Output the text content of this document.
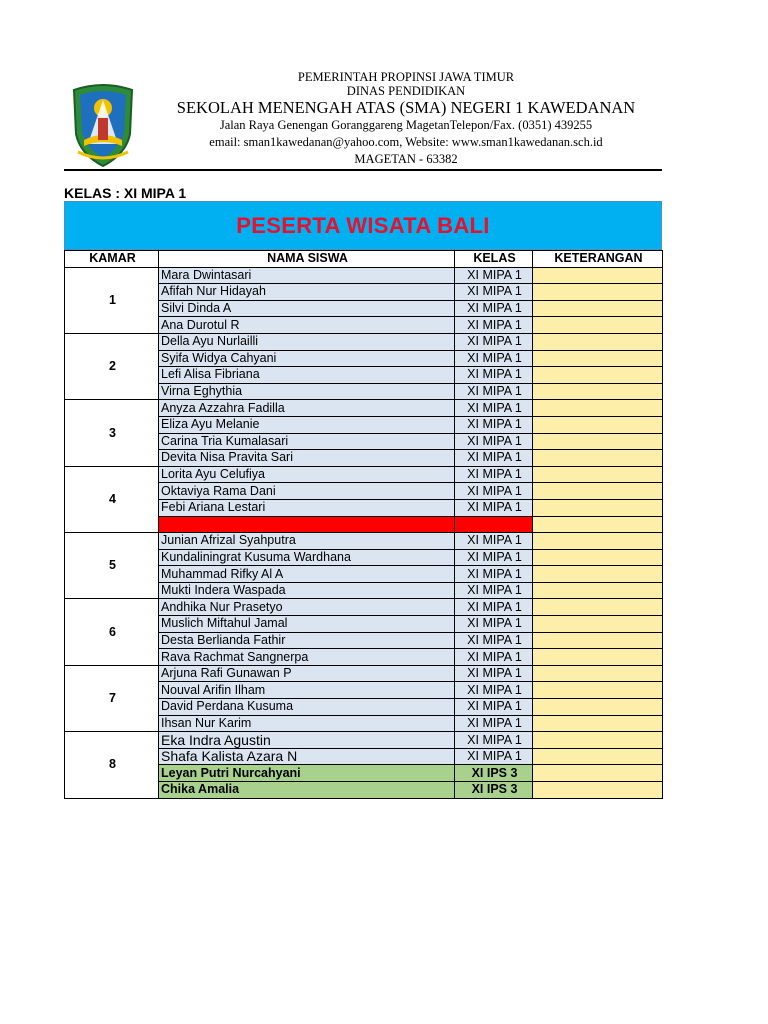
PEMERINTAH PROPINSI JAWA TIMUR
DINAS PENDIDIKAN
SEKOLAH MENENGAH ATAS (SMA) NEGERI 1 KAWEDANAN
Jalan Raya Genengan Goranggareng MagetanTelepon/Fax. (0351) 439255
email: sman1kawedanan@yahoo.com, Website: www.sman1kawedanan.sch.id
MAGETAN - 63382
KELAS : XI MIPA 1
PESERTA WISATA BALI
KAMAR	NAMA SISWA	KELAS	KETERANGAN
1	Mara Dwintasari	XI MIPA 1	
	Afifah Nur Hidayah	XI MIPA 1	
	Silvi Dinda A	XI MIPA 1	
	Ana Durotul R	XI MIPA 1	
2	Della Ayu Nurlailli	XI MIPA 1	
	Syifa Widya Cahyani	XI MIPA 1	
	Lefi Alisa Fibriana	XI MIPA 1	
	Virna Eghythia	XI MIPA 1	
3	Anyza Azzahra Fadilla	XI MIPA 1	
	Eliza Ayu Melanie	XI MIPA 1	
	Carina Tria Kumalasari	XI MIPA 1	
	Devita Nisa Pravita Sari	XI MIPA 1	
4	Lorita Ayu Celufiya	XI MIPA 1	
	Oktaviya Rama Dani	XI MIPA 1	
	Febi Ariana Lestari	XI MIPA 1	

5	Junian Afrizal Syahputra	XI MIPA 1	
	Kundaliningrat Kusuma Wardhana	XI MIPA 1	
	Muhammad Rifky Al A	XI MIPA 1	
	Mukti Indera Waspada	XI MIPA 1	
6	Andhika Nur Prasetyo	XI MIPA 1	
	Muslich Miftahul Jamal	XI MIPA 1	
	Desta Berlianda Fathir	XI MIPA 1	
	Rava Rachmat Sangnerpa	XI MIPA 1	
7	Arjuna Rafi Gunawan P	XI MIPA 1	
	Nouval Arifin Ilham	XI MIPA 1	
	David Perdana Kusuma	XI MIPA 1	
	Ihsan Nur Karim	XI MIPA 1	
8	Eka Indra Agustin	XI MIPA 1	
	Shafa Kalista Azara N	XI MIPA 1	
	Leyan Putri Nurcahyani	XI IPS 3	
	Chika Amalia	XI IPS 3	
